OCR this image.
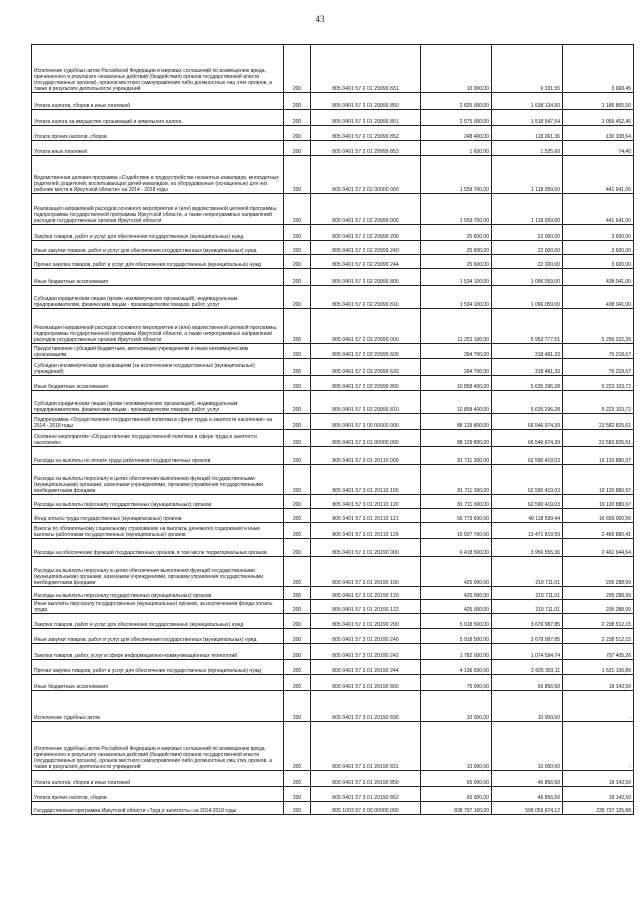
43
Исполнение судебных актов Российской Федерации и мировых соглашений по возмещению вреда, причиненного в результате незаконных действий (бездействия) органов государственной власти (государственных органов), органов местного самоуправления либо должностных лиц этих органов, а также в результате деятельности учреждений	200	805 0401 57 2 01 29999 831	10 000,00	6 331,55	3 668,45

Уплата налогов, сборов и иных платежей	200	805 0401 57 2 01 29999 850	2 825 000,00	1 638 134,50	1 186 865,50

Уплата налога на имущество организаций и земельного налога	200	805 0401 57 2 01 29999 851	2 575 000,00	1 518 547,54	1 056 452,46

Уплата прочих налогов, сборов	200	805 0401 57 2 01 29999 852	248 400,00	118 061,36	130 338,64

Уплата иных платежей	200	805 0401 57 2 01 29999 853	1 600,00	1 525,60	74,40

Ведомственная целевая программа «Содействие в трудоустройстве незанятых инвалидов, многодетных родителей, родителей, воспитывающих детей-инвалидов, на оборудованные (оснащенные) для них рабочие места в Иркутской области» на 2014 - 2018 годы	200	805 0401 57 2 02 00000 000	1 559 700,00	1 118 059,00	441 641,00

Реализация направлений расходов основного мероприятия и (или) ведомственной целевой программы, подпрограммы государственной программы Иркутской области, а также непрограммных направлений расходов государственных органов Иркутской области	200	805 0401 57 2 02 29999 000	1 559 700,00	1 118 059,00	441 641,00

Закупка товаров, работ и услуг для обеспечения государственных (муниципальных) нужд	200	805 0401 57 2 02 29999 200	25 600,00	22 000,00	3 600,00

Иные закупки товаров, работ и услуг для обеспечения государственных (муниципальных) нужд	200	805 0401 57 2 02 29999 240	25 600,00	22 000,00	3 600,00

Прочая закупка товаров, работ и услуг для обеспечения государственных (муниципальных) нужд	200	805 0401 57 2 02 29999 244	25 600,00	22 000,00	3 600,00

Иные бюджетные ассигнования	200	805 0401 57 2 02 29999 800	1 534 100,00	1 096 059,00	438 041,00

Субсидии юридическим лицам (кроме некоммерческих организаций), индивидуальным предпринимателям, физическим лицам - производителям товаров, работ, услуг	200	805 0401 57 2 02 29999 810	1 534 100,00	1 096 059,00	438 041,00

Реализация направлений расходов основного мероприятия и (или) ведомственной целевой программы, подпрограммы государственной программы Иркутской области, а также непрограммных направлений расходов государственных органов Иркутской области	200	805 0401 57 2 03 29999 000	11 253 100,00	5 953 777,61	5 299 322,39

Предоставление субсидий бюджетным, автономным учреждениям и иным некоммерческим организациям	200	805 0401 57 2 03 29999 600	394 700,00	318 481,33	76 218,67

Субсидии некоммерческим организациям (за исключением государственных (муниципальных) учреждений)	200	805 0401 57 2 03 29999 630	394 700,00	318 481,33	76 218,67

Иные бюджетные ассигнования	200	805 0401 57 2 03 29999 800	10 858 400,00	5 635 296,28	5 223 103,72

Субсидии юридическим лицам (кроме некоммерческих организаций), индивидуальным предпринимателям, физическим лицам - производителям товаров, работ, услуг	200	805 0401 57 2 03 29999 810	10 858 400,00	5 635 296,28	5 223 103,72

Подпрограмма «Осуществление государственной политики в сфере труда и занятости населения» на 2014 - 2018 годы	200	805 0401 57 3 00 00000 000	88 129 800,00	66 546 974,39	21 582 825,61

Основное мероприятие «Осуществление государственной политики в сфере труда и занятости населения»	200	805 0401 57 3 01 00000 000	88 129 800,00	66 546 974,39	21 582 825,61

Расходы на выплаты по оплате труда работников государственных органов	200	805 0401 57 3 01 20110 000	81 711 300,00	62 590 419,03	19 120 880,97

Расходы на выплаты персоналу в целях обеспечения выполнения функций государственными (муниципальными) органами, казенными учреждениями, органами управления государственными внебюджетными фондами	200	805 0401 57 3 01 20110 100	81 711 300,00	62 590 419,03	19 120 880,97

Расходы на выплаты персоналу государственных (муниципальных) органов	200	805 0401 57 3 01 20110 120	81 711 300,00	62 590 419,03	19 120 880,97

Фонд оплаты труда государственных (муниципальных) органов	200	805 0401 57 3 01 20110 121	65 773 600,00	49 118 599,44	16 655 000,56

Взносы по обязательному социальному страхованию на выплаты денежного содержания и иные выплаты работникам государственных (муниципальных) органов	200	805 0401 57 3 01 20110 129	15 937 700,00	13 471 819,59	2 465 880,41

Расходы на обеспечение функций государственных органов, в том числе территориальных органов	200	805 0401 57 3 01 20190 000	6 418 500,00	3 956 555,36	2 461 944,64

Расходы на выплаты персоналу в целях обеспечения выполнения функций государственными (муниципальными) органами, казенными учреждениями, органами управления государственными внебюджетными фондами	200	805 0401 57 3 01 20190 100	425 000,00	219 711,01	205 288,99

Расходы на выплаты персоналу государственных (муниципальных) органов	200	805 0401 57 3 01 20190 120	425 000,00	219 711,01	205 288,99

Иные выплаты персоналу государственных (муниципальных) органов, за исключением фонда оплаты труда	200	805 0401 57 3 01 20190 122	425 000,00	219 711,01	205 288,99

Закупка товаров, работ и услуг для обеспечения государственных (муниципальных) нужд	200	805 0401 57 3 01 20190 200	5 918 500,00	3 679 987,85	2 238 512,15

Иные закупки товаров, работ и услуг для обеспечения государственных (муниципальных) нужд	200	805 0401 57 3 01 20190 240	5 918 500,00	3 679 987,85	2 238 512,15

Закупка товаров, работ, услуг в сфере информационно-коммуникационных технологий	200	805 0401 57 3 01 20190 242	1 782 000,00	1 074 594,74	707 405,26

Прочая закупка товаров, работ и услуг для обеспечения государственных (муниципальных) нужд	200	805 0401 57 3 01 20190 244	4 136 500,00	2 605 393,11	1 531 106,89

Иные бюджетные ассигнования	200	805 0401 57 3 01 20190 800	75 000,00	56 856,50	18 143,50

Исполнение судебных актов	200	805 0401 57 3 01 20190 830	10 000,00	10 000,00	-

Исполнение судебных актов Российской Федерации и мировых соглашений по возмещению вреда, причиненного в результате незаконных действий (бездействия) органов государственной власти (государственных органов), органов местного самоуправления либо должностных лиц этих органов, а также в результате деятельности учреждений	200	805 0401 57 3 01 20190 831	10 000,00	10 000,00	-

Уплата налогов, сборов и иных платежей	200	805 0401 57 3 01 20190 850	65 000,00	46 856,50	18 143,50

Уплата прочих налогов, сборов	200	805 0401 57 3 01 20190 852	65 000,00	46 856,50	18 143,50

Государственная программа Иркутской области «Труд и занятость» на 2014-2018 годы	200	805 1003 57 0 00 00000 000	838 797 100,00	599 059 974,12	239 737 125,88
